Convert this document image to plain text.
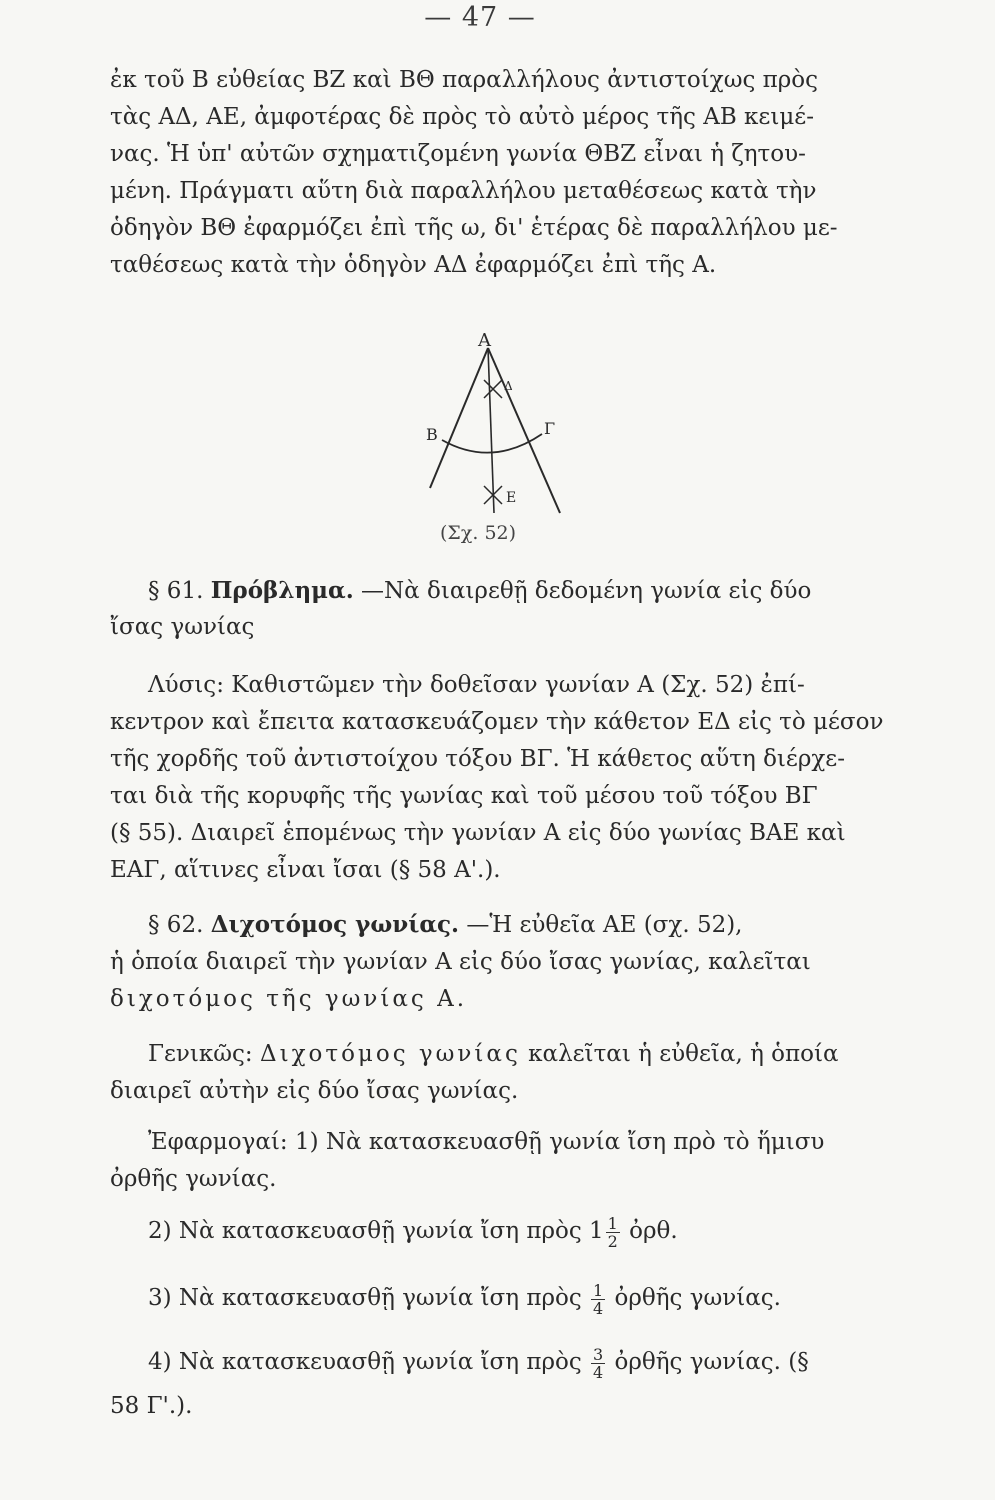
— 47 —
ἐκ τοῦ Β εὐθείας ΒΖ καὶ ΒΘ παραλλήλους ἀντιστοίχως πρὸς
τὰς ΑΔ, ΑΕ, ἀμφοτέρας δὲ πρὸς τὸ αὐτὸ μέρος τῆς ΑΒ κειμέ-
νας. Ἡ ὑπ' αὐτῶν σχηματιζομένη γωνία ΘΒΖ εἶναι ἡ ζητου-
μένη. Πράγματι αὕτη διὰ παραλλήλου μεταθέσεως κατὰ τὴν
ὁδηγὸν ΒΘ ἐφαρμόζει ἐπὶ τῆς ω, δι' ἑτέρας δὲ παραλλήλου με-
ταθέσεως κατὰ τὴν ὁδηγὸν ΑΔ ἐφαρμόζει ἐπὶ τῆς Α.
Α
Δ
Β	Γ
Ε
(Σχ. 52)
§ 61. Πρόβλημα. —Νὰ διαιρεθῇ δεδομένη γωνία εἰς δύο
ἴσας γωνίας
Λύσις: Καθιστῶμεν τὴν δοθεῖσαν γωνίαν Α (Σχ. 52) ἐπί-
κεντρον καὶ ἔπειτα κατασκευάζομεν τὴν κάθετον ΕΔ εἰς τὸ μέσον
τῆς χορδῆς τοῦ ἀντιστοίχου τόξου ΒΓ. Ἡ κάθετος αὕτη διέρχε-
ται διὰ τῆς κορυφῆς τῆς γωνίας καὶ τοῦ μέσου τοῦ τόξου ΒΓ
(§ 55). Διαιρεῖ ἑπομένως τὴν γωνίαν Α εἰς δύο γωνίας ΒΑΕ καὶ
ΕΑΓ, αἵτινες εἶναι ἴσαι (§ 58 Α'.).
§ 62. Διχοτόμος γωνίας. —Ἡ εὐθεῖα ΑΕ (σχ. 52),
ἡ ὁποία διαιρεῖ τὴν γωνίαν Α εἰς δύο ἴσας γωνίας, καλεῖται
διχοτόμος τῆς γωνίας Α.
Γενικῶς: Διχοτόμος γωνίας καλεῖται ἡ εὐθεῖα, ἡ ὁποία
διαιρεῖ αὐτὴν εἰς δύο ἴσας γωνίας.
Ἐφαρμογαί: 1) Νὰ κατασκευασθῇ γωνία ἴση πρὸ τὸ ἥμισυ
ὀρθῆς γωνίας.
2) Νὰ κατασκευασθῇ γωνία ἴση πρὸς $1 \frac{1}{2}$ ὀρθ.
3) Νὰ κατασκευασθῇ γωνία ἴση πρὸς $\frac{1}{4}$ ὀρθῆς γωνίας.
4) Νὰ κατασκευασθῇ γωνία ἴση πρὸς $\frac{3}{4}$ ὀρθῆς γωνίας. (§
58 Γ'.).
